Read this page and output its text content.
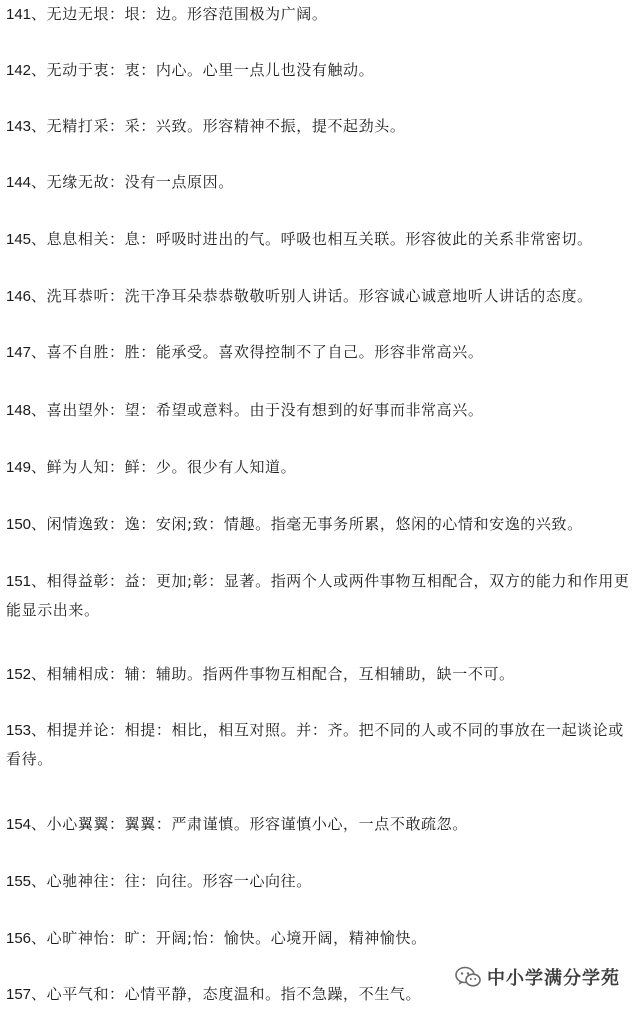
141、无边无垠：垠：边。形容范围极为广阔。
142、无动于衷：衷：内心。心里一点儿也没有触动。
143、无精打采：采：兴致。形容精神不振，提不起劲头。
144、无缘无故：没有一点原因。
145、息息相关：息：呼吸时进出的气。呼吸也相互关联。形容彼此的关系非常密切。
146、洗耳恭听：洗干净耳朵恭恭敬敬听别人讲话。形容诚心诚意地听人讲话的态度。
147、喜不自胜：胜：能承受。喜欢得控制不了自己。形容非常高兴。
148、喜出望外：望：希望或意料。由于没有想到的好事而非常高兴。
149、鲜为人知：鲜：少。很少有人知道。
150、闲情逸致：逸：安闲;致：情趣。指毫无事务所累，悠闲的心情和安逸的兴致。
151、相得益彰：益：更加;彰：显著。指两个人或两件事物互相配合，双方的能力和作用更能显示出来。
152、相辅相成：辅：辅助。指两件事物互相配合，互相辅助，缺一不可。
153、相提并论：相提：相比，相互对照。并：齐。把不同的人或不同的事放在一起谈论或看待。
154、小心翼翼：翼翼：严肃谨慎。形容谨慎小心，一点不敢疏忽。
155、心驰神往：往：向往。形容一心向往。
156、心旷神怡：旷：开阔;怡：愉快。心境开阔，精神愉快。
157、心平气和：心情平静，态度温和。指不急躁，不生气。
中小学满分学苑
